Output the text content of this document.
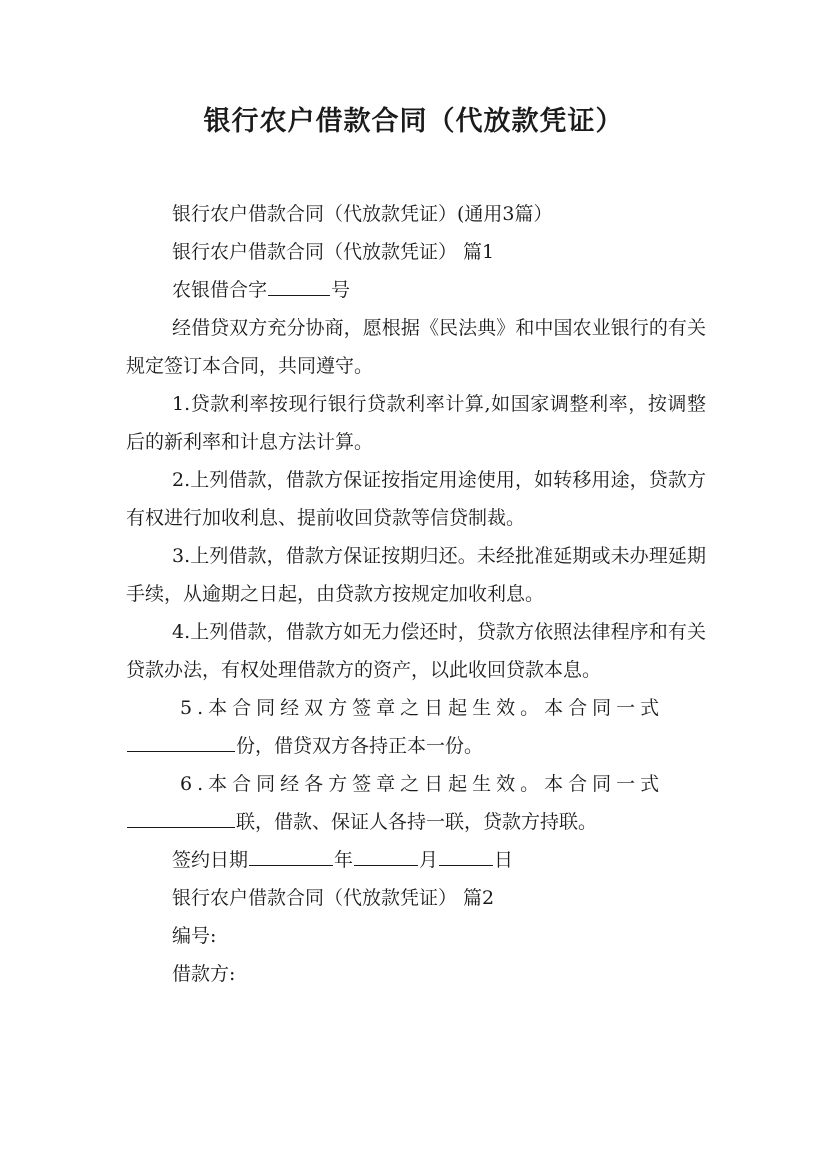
银行农户借款合同（代放款凭证）

银行农户借款合同（代放款凭证）(通用3篇）

银行农户借款合同（代放款凭证） 篇1

农银借合字	号

经借贷双方充分协商，愿根据《民法典》和中国农业银行的有关规定签订本合同，共同遵守。

1.贷款利率按现行银行贷款利率计算,如国家调整利率，按调整后的新利率和计息方法计算。

2.上列借款，借款方保证按指定用途使用，如转移用途，贷款方有权进行加收利息、提前收回贷款等信贷制裁。

3.上列借款，借款方保证按期归还。未经批准延期或未办理延期手续，从逾期之日起，由贷款方按规定加收利息。

4.上列借款，借款方如无力偿还时，贷款方依照法律程序和有关贷款办法，有权处理借款方的资产，以此收回贷款本息。

5.本合同经双方签章之日起生效。本合同一式
份，借贷双方各持正本一份。

6.本合同经各方签章之日起生效。本合同一式
联，借款、保证人各持一联，贷款方持联。

签约日期	年	月	日

银行农户借款合同（代放款凭证） 篇2

编号:

借款方:
